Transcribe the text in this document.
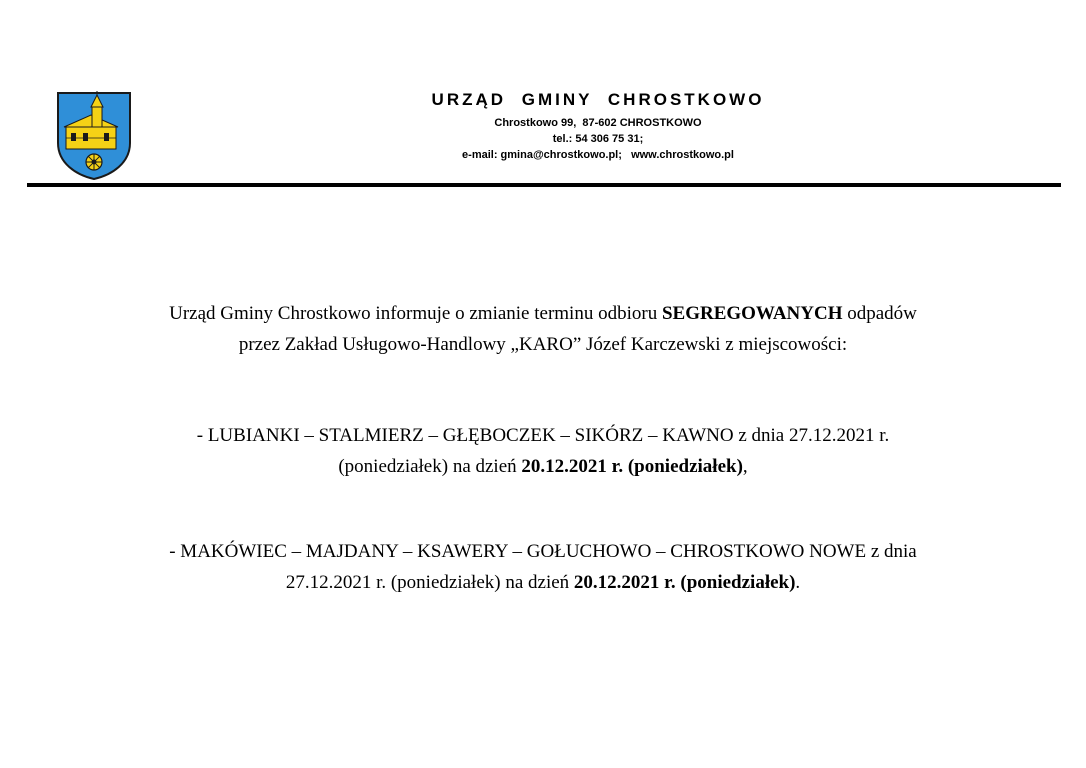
URZĄD GMINY CHROSTKOWO
Chrostkowo 99,  87-602 CHROSTKOWO
tel.: 54 306 75 31;
e-mail: gmina@chrostkowo.pl;   www.chrostkowo.pl
Urząd Gminy Chrostkowo informuje o zmianie terminu odbioru SEGREGOWANYCH odpadów
przez Zakład Usługowo-Handlowy „KARO” Józef Karczewski z miejscowości:
- LUBIANKI – STALMIERZ – GŁĘBOCZEK – SIKÓRZ – KAWNO z dnia 27.12.2021 r.
(poniedziałek) na dzień 20.12.2021 r. (poniedziałek),
- MAKÓWIEC – MAJDANY – KSAWERY – GOŁUCHOWO – CHROSTKOWO NOWE z dnia
27.12.2021 r. (poniedziałek) na dzień 20.12.2021 r. (poniedziałek).
